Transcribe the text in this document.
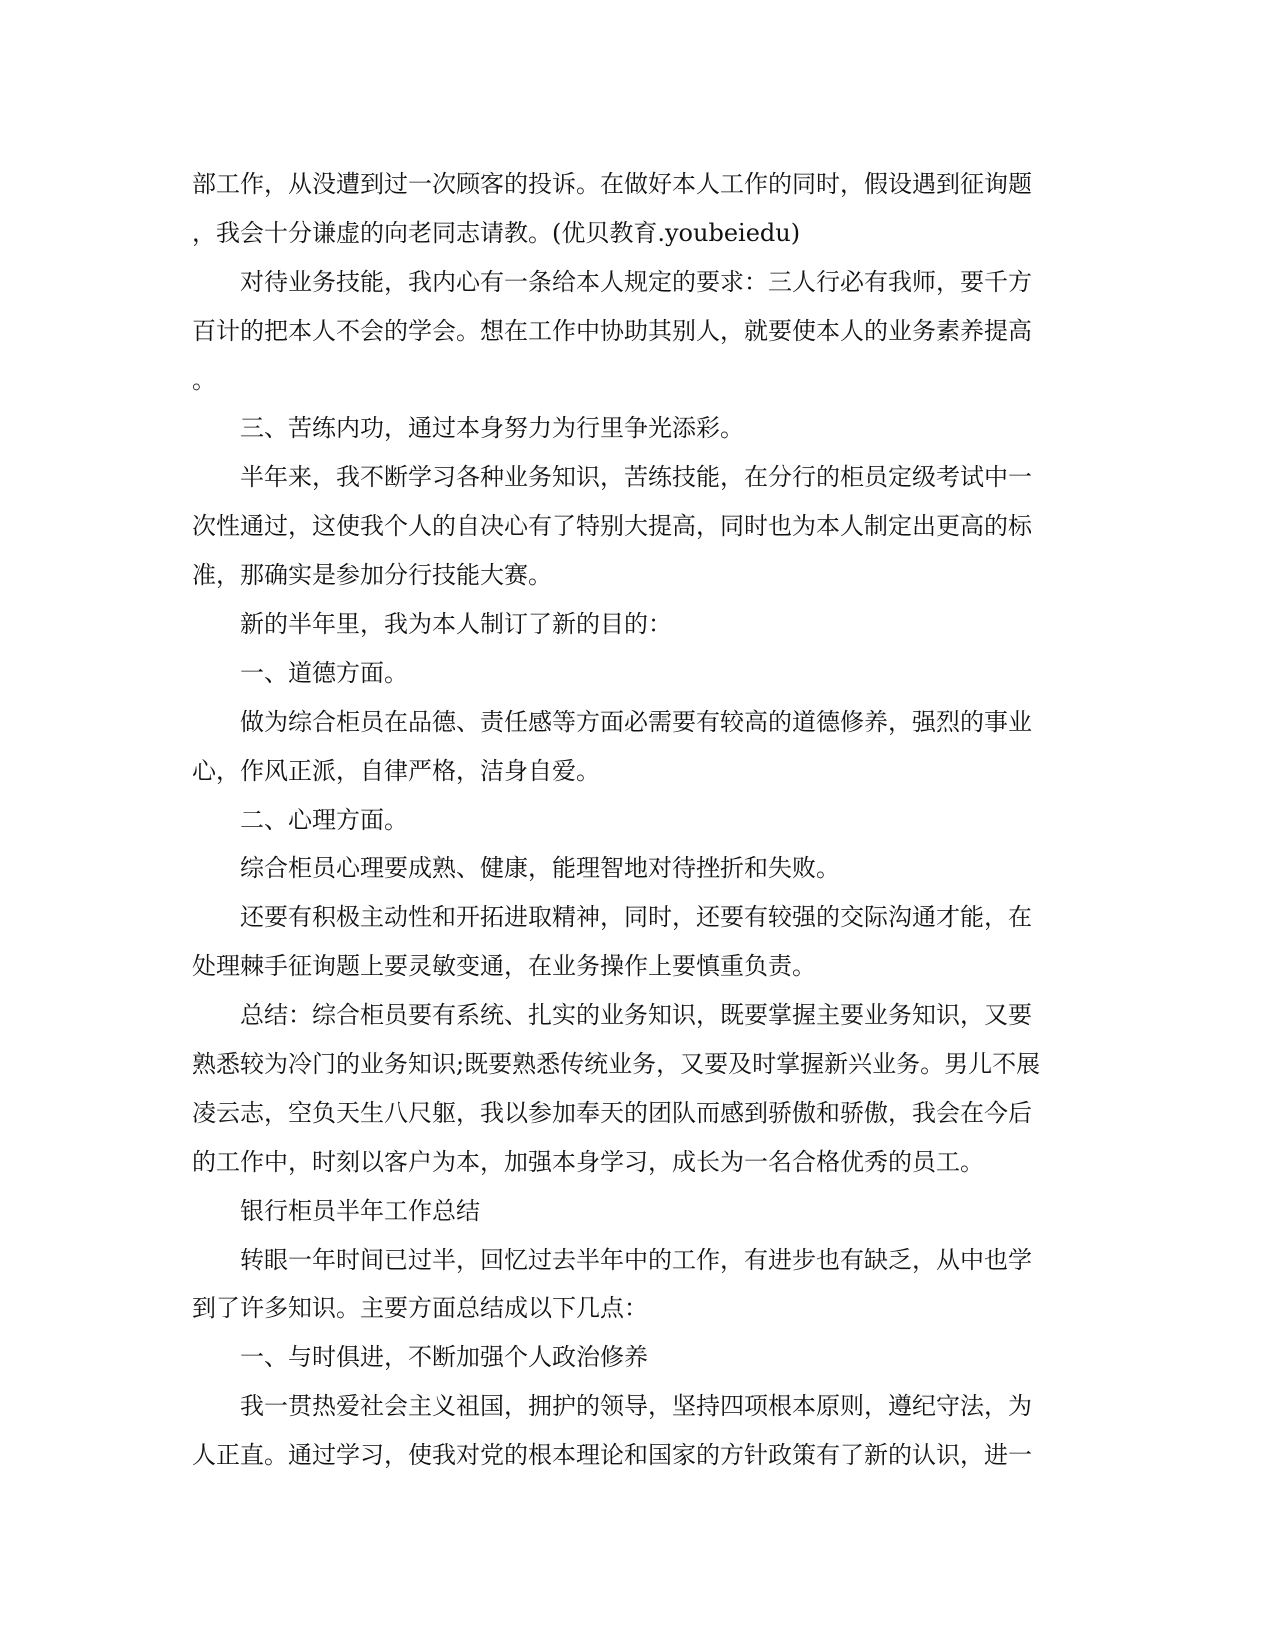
部工作，从没遭到过一次顾客的投诉。在做好本人工作的同时，假设遇到征询题
，我会十分谦虚的向老同志请教。(优贝教育.youbeiedu)
对待业务技能，我内心有一条给本人规定的要求：三人行必有我师，要千方
百计的把本人不会的学会。想在工作中协助其别人，就要使本人的业务素养提高
。
三、苦练内功，通过本身努力为行里争光添彩。
半年来，我不断学习各种业务知识，苦练技能，在分行的柜员定级考试中一
次性通过，这使我个人的自决心有了特别大提高，同时也为本人制定出更高的标
准，那确实是参加分行技能大赛。
新的半年里，我为本人制订了新的目的：
一、道德方面。
做为综合柜员在品德、责任感等方面必需要有较高的道德修养，强烈的事业
心，作风正派，自律严格，洁身自爱。
二、心理方面。
综合柜员心理要成熟、健康，能理智地对待挫折和失败。
还要有积极主动性和开拓进取精神，同时，还要有较强的交际沟通才能，在
处理棘手征询题上要灵敏变通，在业务操作上要慎重负责。
总结：综合柜员要有系统、扎实的业务知识，既要掌握主要业务知识，又要
熟悉较为冷门的业务知识;既要熟悉传统业务，又要及时掌握新兴业务。男儿不展
凌云志，空负天生八尺躯，我以参加奉天的团队而感到骄傲和骄傲，我会在今后
的工作中，时刻以客户为本，加强本身学习，成长为一名合格优秀的员工。
银行柜员半年工作总结
转眼一年时间已过半，回忆过去半年中的工作，有进步也有缺乏，从中也学
到了许多知识。主要方面总结成以下几点：
一、与时俱进，不断加强个人政治修养
我一贯热爱社会主义祖国，拥护的领导，坚持四项根本原则，遵纪守法，为
人正直。通过学习，使我对党的根本理论和国家的方针政策有了新的认识，进一
